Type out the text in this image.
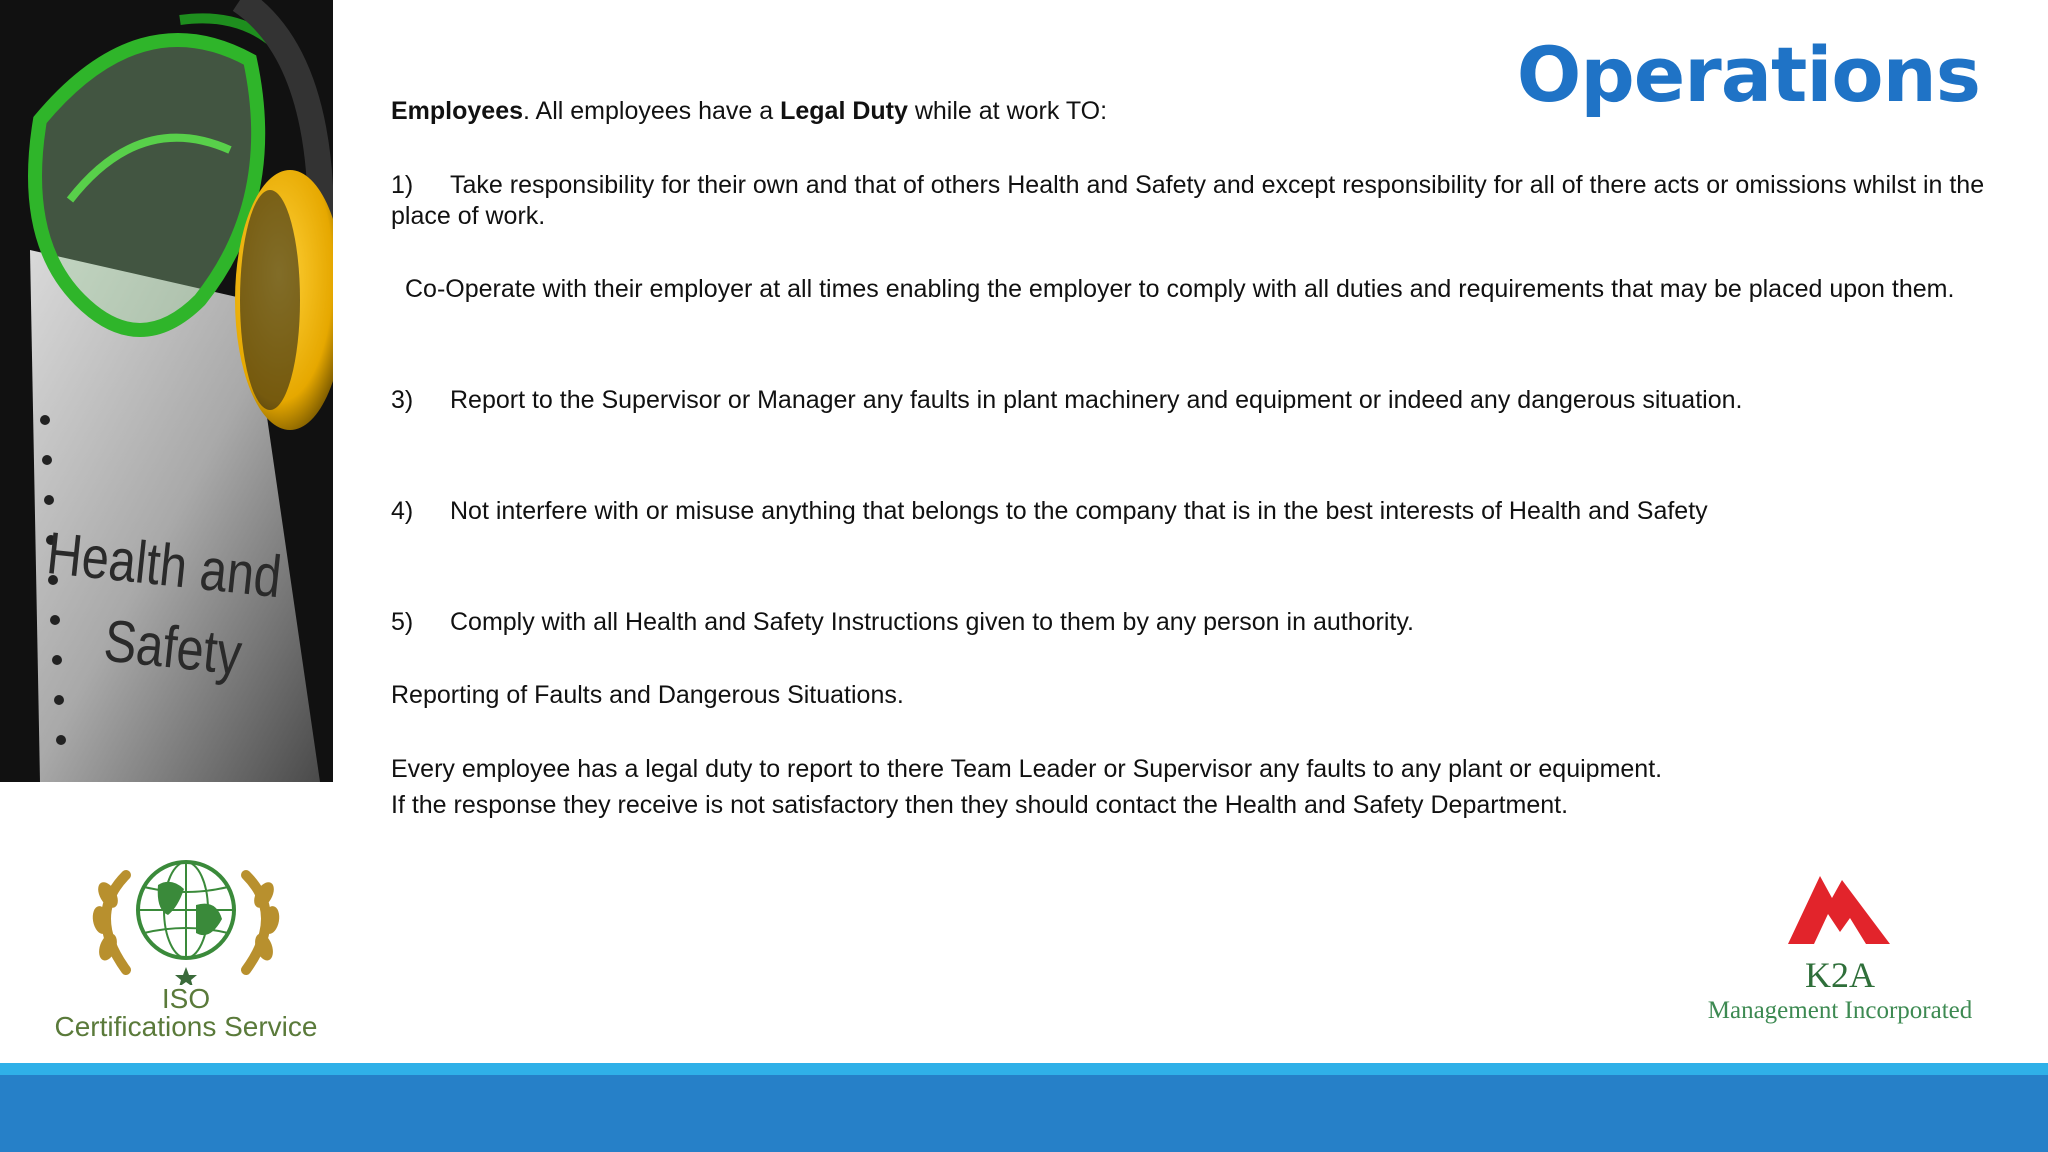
Health and
Safety
Operations
Employees. All employees have a Legal Duty while at work TO:
1) Take responsibility for their own and that of others Health and Safety and except responsibility for all of there acts or omissions whilst in the place of work.
Co-Operate with their employer at all times enabling the employer to comply with all duties and requirements that may be placed upon them.
3) Report to the Supervisor or Manager any faults in plant machinery and equipment or indeed any dangerous situation.
4) Not interfere with or misuse anything that belongs to the company that is in the best interests of Health and Safety
5) Comply with all Health and Safety Instructions given to them by any person in authority.
Reporting of Faults and Dangerous Situations.
Every employee has a legal duty to report to there Team Leader or Supervisor any faults to any plant or equipment.
If the response they receive is not satisfactory then they should contact the Health and Safety Department.
ISO
Certifications Service
K2A
Management Incorporated
